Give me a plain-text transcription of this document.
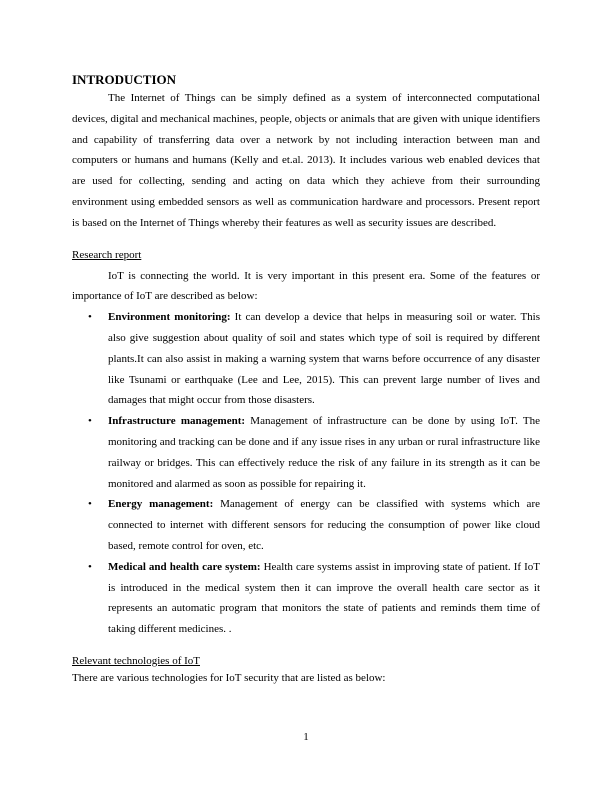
INTRODUCTION

The Internet of Things can be simply defined as a system of interconnected computational devices, digital and mechanical machines, people, objects or animals that are given with unique identifiers and capability of transferring data over a network by not including interaction between man and computers or humans and humans (Kelly and et.al. 2013). It includes various web enabled devices that are used for collecting, sending and acting on data which they achieve from their surrounding environment using embedded sensors as well as communication hardware and processors. Present report is based on the Internet of Things whereby their features as well as security issues are described.

Research report

IoT is connecting the world. It is very important in this present era. Some of the features or importance of IoT are described as below:

• Environment monitoring: It can develop a device that helps in measuring soil or water. This also give suggestion about quality of soil and states which type of soil is required by different plants.It can also assist in making a warning system that warns before occurrence of any disaster like Tsunami or earthquake (Lee and Lee, 2015). This can prevent large number of lives and damages that might occur from those disasters.
• Infrastructure management: Management of infrastructure can be done by using IoT. The monitoring and tracking can be done and if any issue rises in any urban or rural infrastructure like railway or bridges. This can effectively reduce the risk of any failure in its strength as it can be monitored and alarmed as soon as possible for repairing it.
• Energy management: Management of energy can be classified with systems which are connected to internet with different sensors for reducing the consumption of power like cloud based, remote control for oven, etc.
• Medical and health care system: Health care systems assist in improving state of patient. If IoT is introduced in the medical system then it can improve the overall health care sector as it represents an automatic program that monitors the state of patients and reminds them time of taking different medicines. .

Relevant technologies of IoT

There are various technologies for IoT security that are listed as below:

1
